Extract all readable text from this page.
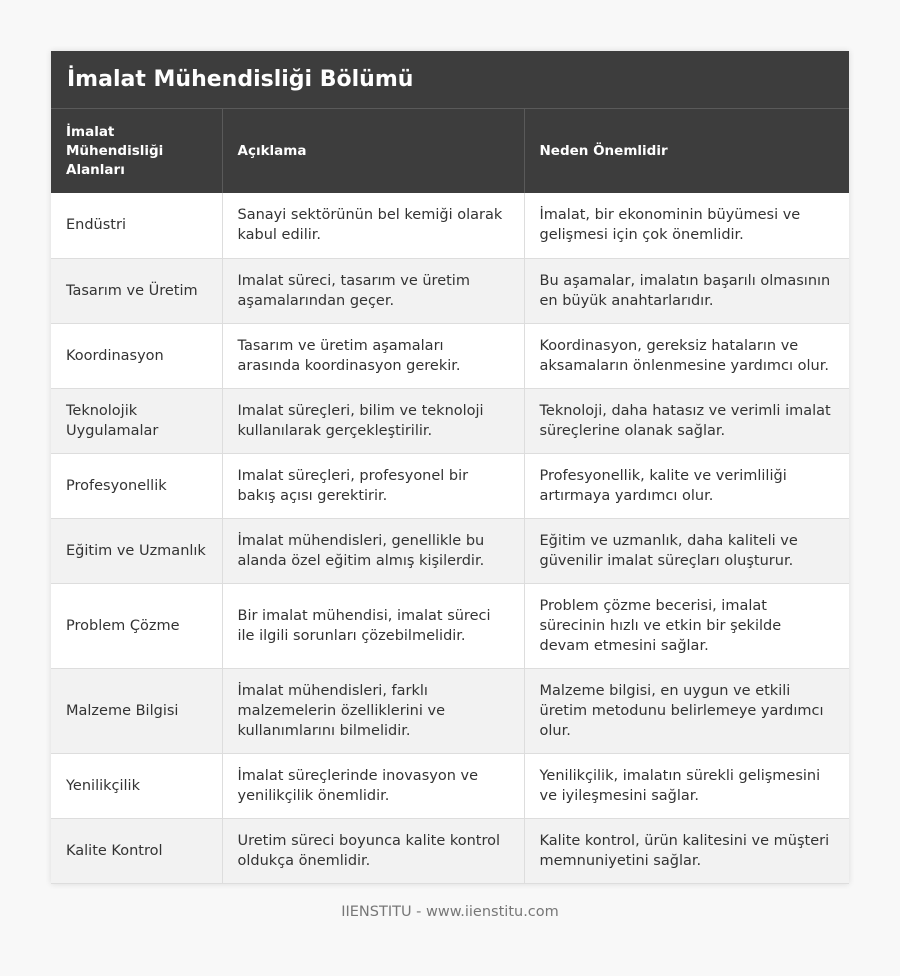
İmalat Mühendisliği Bölümü
İmalat Mühendisliği Alanları	Açıklama	Neden Önemlidir
Endüstri	Sanayi sektörünün bel kemiği olarak kabul edilir.	İmalat, bir ekonominin büyümesi ve gelişmesi için çok önemlidir.
Tasarım ve Üretim	Imalat süreci, tasarım ve üretim aşamalarından geçer.	Bu aşamalar, imalatın başarılı olmasının en büyük anahtarlarıdır.
Koordinasyon	Tasarım ve üretim aşamaları arasında koordinasyon gerekir.	Koordinasyon, gereksiz hataların ve aksamaların önlenmesine yardımcı olur.
Teknolojik Uygulamalar	Imalat süreçleri, bilim ve teknoloji kullanılarak gerçekleştirilir.	Teknoloji, daha hatasız ve verimli imalat süreçlerine olanak sağlar.
Profesyonellik	Imalat süreçleri, profesyonel bir bakış açısı gerektirir.	Profesyonellik, kalite ve verimliliği artırmaya yardımcı olur.
Eğitim ve Uzmanlık	İmalat mühendisleri, genellikle bu alanda özel eğitim almış kişilerdir.	Eğitim ve uzmanlık, daha kaliteli ve güvenilir imalat süreçları oluşturur.
Problem Çözme	Bir imalat mühendisi, imalat süreci ile ilgili sorunları çözebilmelidir.	Problem çözme becerisi, imalat sürecinin hızlı ve etkin bir şekilde devam etmesini sağlar.
Malzeme Bilgisi	İmalat mühendisleri, farklı malzemelerin özelliklerini ve kullanımlarını bilmelidir.	Malzeme bilgisi, en uygun ve etkili üretim metodunu belirlemeye yardımcı olur.
Yenilikçilik	İmalat süreçlerinde inovasyon ve yenilikçilik önemlidir.	Yenilikçilik, imalatın sürekli gelişmesini ve iyileşmesini sağlar.
Kalite Kontrol	Uretim süreci boyunca kalite kontrol oldukça önemlidir.	Kalite kontrol, ürün kalitesini ve müşteri memnuniyetini sağlar.
IIENSTITU - www.iienstitu.com
